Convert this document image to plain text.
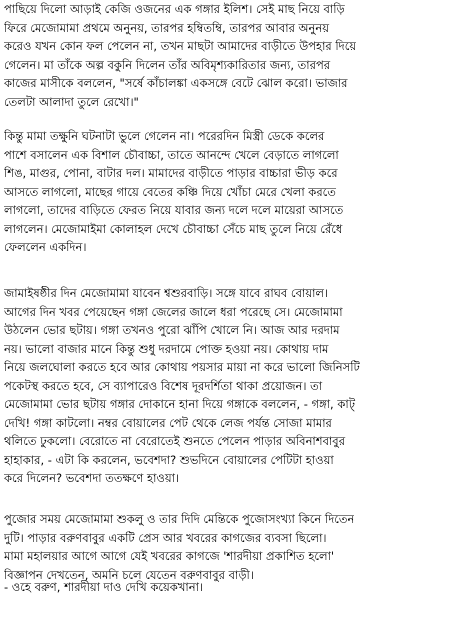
পাছিয়ে দিলো আড়াই কেজি ওজনের এক গঙ্গার ইলিশ। সেই মাছ নিয়ে বাড়ি
ফিরে মেজোমামা প্রথমে অনুনয়, তারপর হম্বিতম্বি, তারপর আবার অনুনয়
করেও যখন কোন ফল পেলেন না, তখন মাছটা আমাদের বাড়ীতে উপহার দিয়ে
গেলেন। মা তাঁকে অল্প বকুনি দিলেন তাঁর অবিমৃশ্যকারিতার জন্য, তারপর
কাজের মাসীকে বললেন, "সর্ষে কাঁচালঙ্কা একসঙ্গে বেটে ঝোল করো। ভাজার
তেলটা আলাদা তুলে রেখো।"
কিন্তু মামা তক্ষুনি ঘটনাটা ভুলে গেলেন না। পরেরদিন মিস্ত্রী ডেকে কলের
পাশে বসালেন এক বিশাল চৌবাচ্চা, তাতে আনন্দে খেলে বেড়াতে লাগলো
শিঙ, মাগুর, পোনা, বাটার দল। মামাদের বাড়ীতে পাড়ার বাচ্চারা ভীড় করে
আসতে লাগলো, মাছের গায়ে বেতের কঞ্চি দিয়ে খোঁচা মেরে খেলা করতে
লাগলো, তাদের বাড়িতে ফেরত নিয়ে যাবার জন্য দলে দলে মায়েরা আসতে
লাগলেন। মেজোমাইমা কোলাহল দেখে চৌবাচ্চা সেঁচে মাছ তুলে নিয়ে রেঁধে
ফেললেন একদিন।
জামাইষষ্ঠীর দিন মেজোমামা যাবেন শ্বশুরবাড়ি। সঙ্গে যাবে রাঘব বোয়াল।
আগের দিন খবর পেয়েছেন গঙ্গা জেলের জালে ধরা পরেছে সে। মেজোমামা
উঠলেন ভোর ছটায়। গঙ্গা তখনও পুরো ঝাঁপি খোলে নি। আজ আর দরদাম
নয়। ভালো বাজার মানে কিন্তু শুধু দরদামে পোক্ত হওয়া নয়। কোথায় দাম
নিয়ে জলঘোলা করতে হবে আর কোথায় পয়সার মায়া না করে ভালো জিনিসটি
পকেটস্থ করতে হবে, সে ব্যাপারেও বিশেষ দূরদর্শিতা থাকা প্রয়োজন। তা
মেজোমামা ভোর ছটায় গঙ্গার দোকানে হানা দিয়ে গঙ্গাকে বললেন, - গঙ্গা, কাট্
দেখি! গঙ্গা কাটলো। নম্বর বোয়ালের পেট থেকে লেজ পর্যন্ত সোজা মামার
থলিতে ঢুকলো। বেরোতে না বেরোতেই শুনতে পেলেন পাড়ার অবিনাশবাবুর
হাহাকার, - এটা কি করলেন, ভবেশদা? শুভদিনে বোয়ালের পেটিটা হাওয়া
করে দিলেন? ভবেশদা ততক্ষণে হাওয়া।
পুজোর সময় মেজোমামা শুকলু ও তার দিদি মেন্তিকে পুজোসংখ্যা কিনে দিতেন
দুটি। পাড়ার বরুণবাবুর একটি প্রেস আর খবরের কাগজের ব্যবসা ছিলো।
মামা মহালয়ার আগে আগে যেই খবরের কাগজে 'শারদীয়া প্রকাশিত হলো'
বিজ্ঞাপন দেখতেন, অমনি চলে যেতেন বরুণবাবুর বাড়ী।
- ওহে বরুণ, শারদীয়া দাও দেখি কয়েকখানা।
